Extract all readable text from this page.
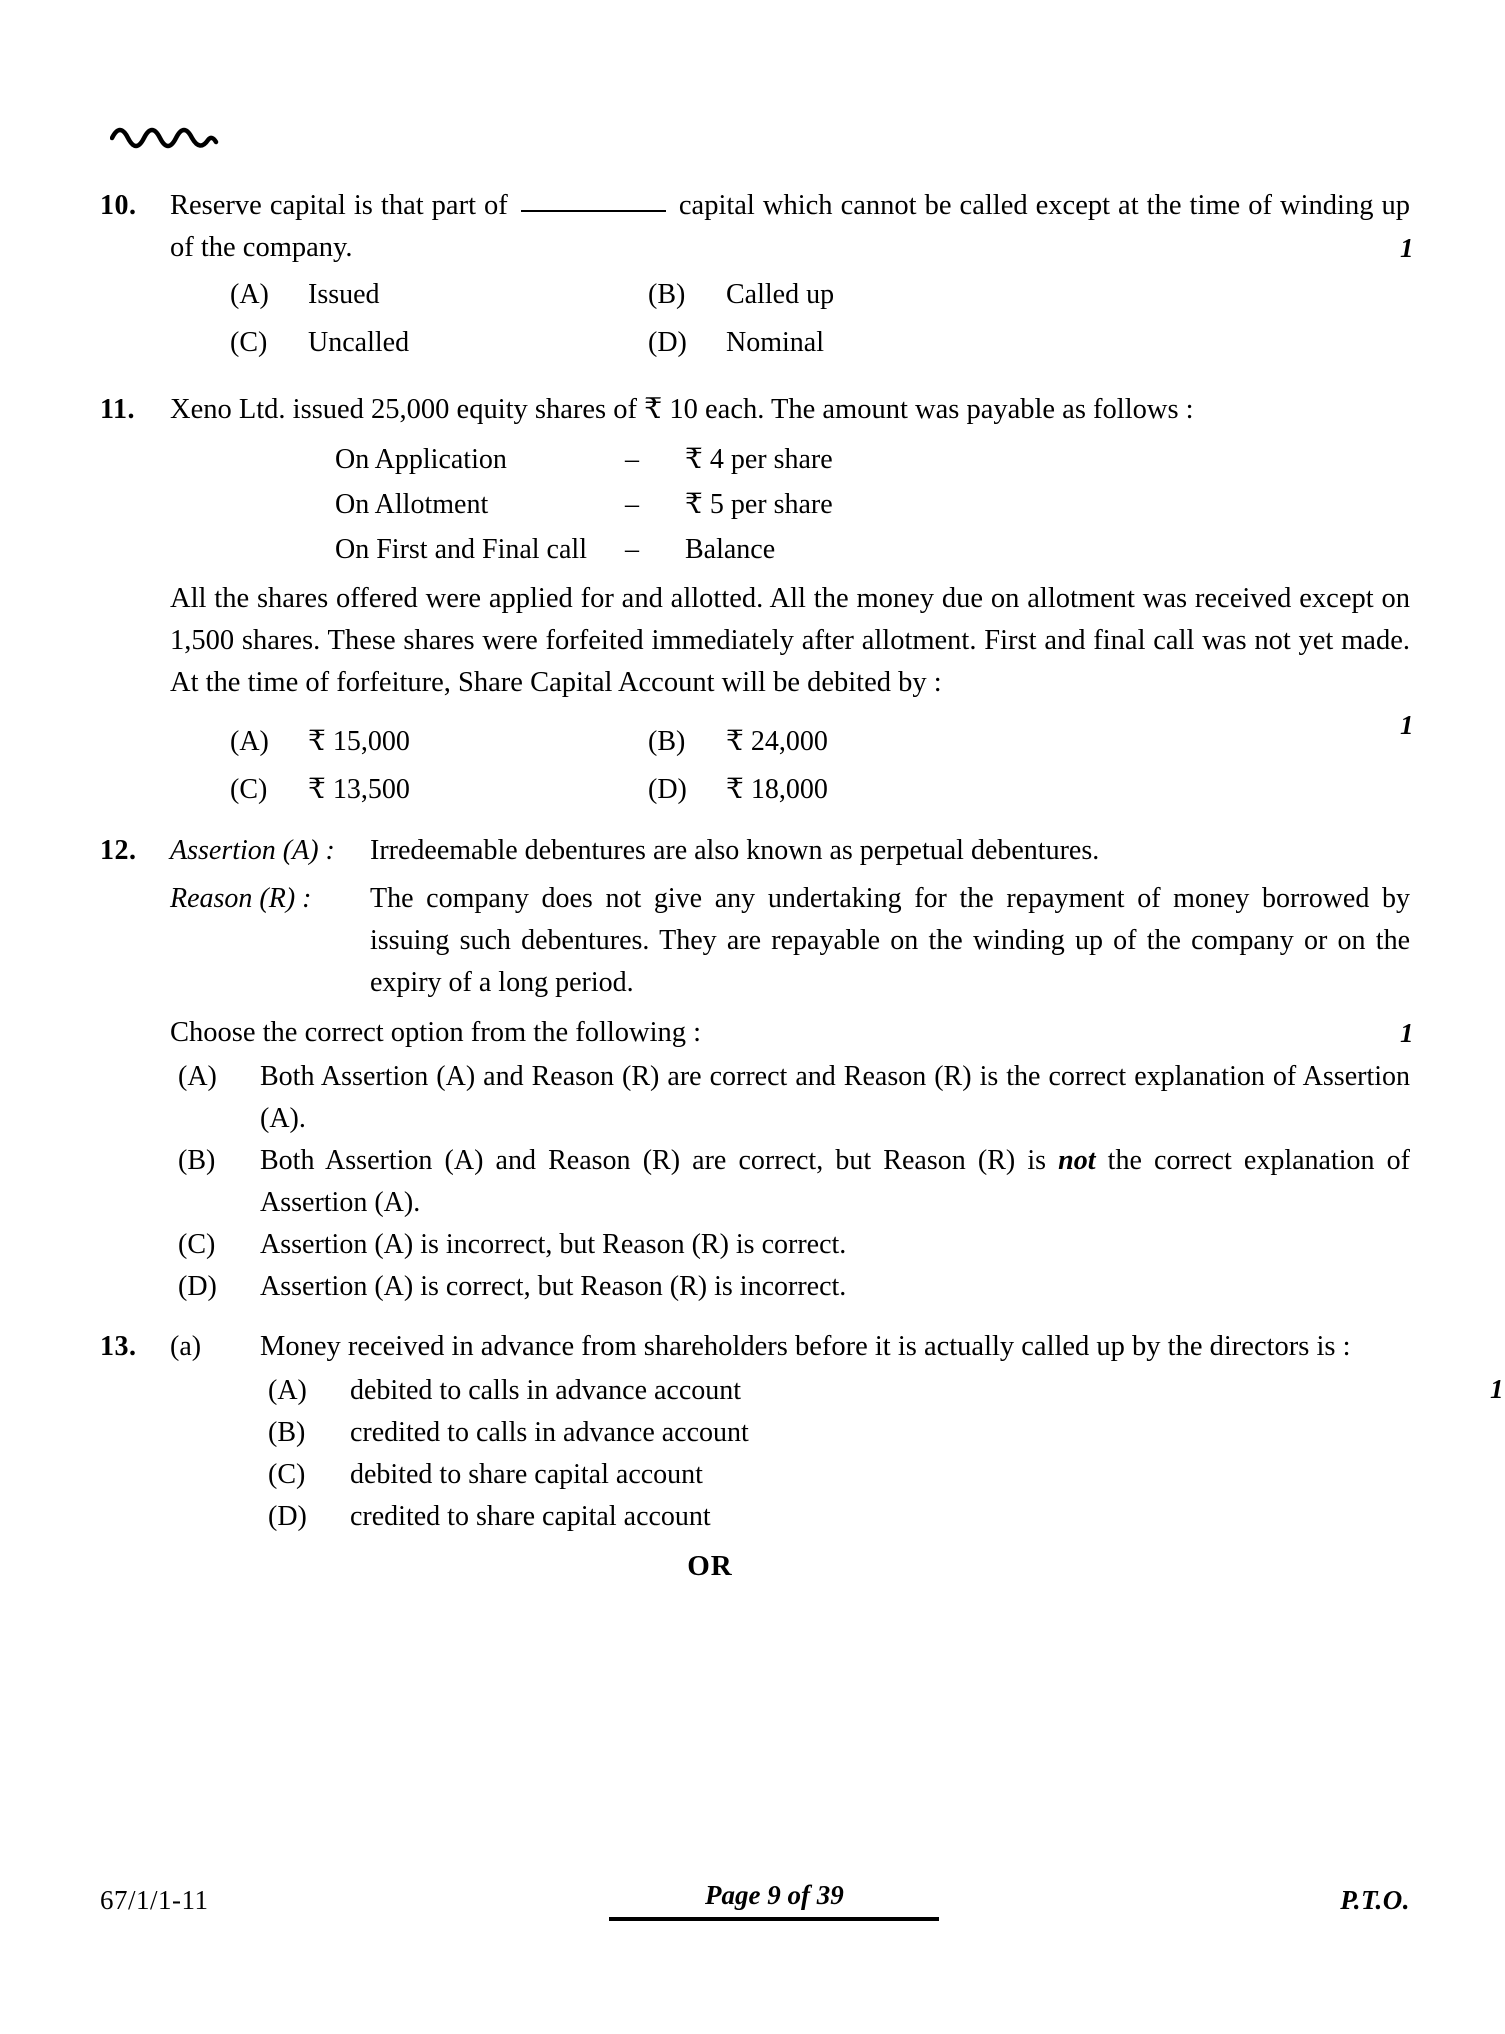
10.	Reserve capital is that part of	capital which cannot be called except at the time of winding up of the company.	1
(A)	Issued	(B)	Called up
(C)	Uncalled	(D)	Nominal
11.	Xeno Ltd. issued 25,000 equity shares of ₹ 10 each. The amount was payable as follows :
On Application	–	₹ 4 per share
On Allotment	–	₹ 5 per share
On First and Final call	–	Balance
All the shares offered were applied for and allotted. All the money due on allotment was received except on 1,500 shares. These shares were forfeited immediately after allotment. First and final call was not yet made. At the time of forfeiture, Share Capital Account will be debited by :
1
(A)	₹ 15,000	(B)	₹ 24,000
(C)	₹ 13,500	(D)	₹ 18,000
12.	Assertion (A) :	Irredeemable debentures are also known as perpetual debentures.
Reason (R) :	The company does not give any undertaking for the repayment of money borrowed by issuing such debentures. They are repayable on the winding up of the company or on the expiry of a long period.
Choose the correct option from the following :	1
(A)	Both Assertion (A) and Reason (R) are correct and Reason (R) is the correct explanation of Assertion (A).
(B)	Both Assertion (A) and Reason (R) are correct, but Reason (R) is not the correct explanation of Assertion (A).
(C)	Assertion (A) is incorrect, but Reason (R) is correct.
(D)	Assertion (A) is correct, but Reason (R) is incorrect.
13.	(a)	Money received in advance from shareholders before it is actually called up by the directors is :
1
(A)	debited to calls in advance account
(B)	credited to calls in advance account
(C)	debited to share capital account
(D)	credited to share capital account
OR
67/1/1-11	Page 9 of 39	P.T.O.
